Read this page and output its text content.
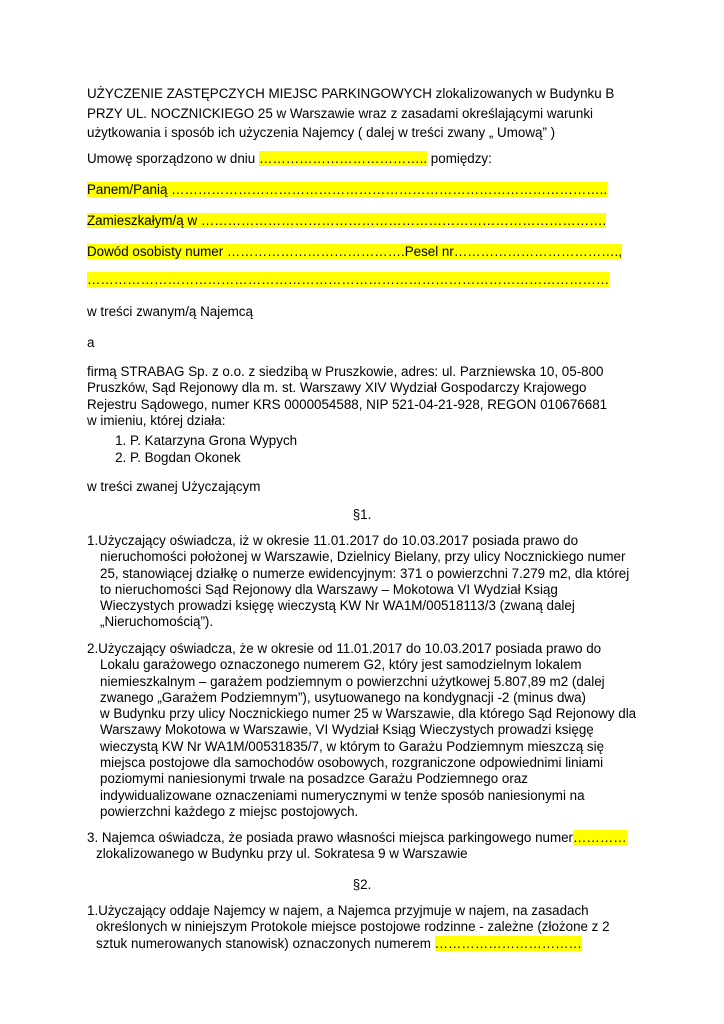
UŻYCZENIE ZASTĘPCZYCH MIEJSC PARKINGOWYCH zlokalizowanych w Budynku B
PRZY UL. NOCZNICKIEGO 25 w Warszawie wraz z zasadami określającymi warunki
użytkowania i sposób ich użyczenia Najemcy ( dalej w treści zwany „ Umową” )
Umowę sporządzono w dniu ……………………………….. pomiędzy:
Panem/Panią ……………………………………………………………………………………..
Zamieszkałym/ą w ……………………………………………………………………………….
Dowód osobisty numer ………………………………….Pesel nr……………………………….,
………………………………………………………………………………………………………
w treści zwanym/ą Najemcą
a
firmą STRABAG Sp. z o.o. z siedzibą w Pruszkowie, adres: ul. Parzniewska 10, 05-800
Pruszków, Sąd Rejonowy dla m. st. Warszawy XIV Wydział Gospodarczy Krajowego
Rejestru Sądowego, numer KRS 0000054588, NIP 521-04-21-928, REGON 010676681
w imieniu, której działa:
1. P. Katarzyna Grona Wypych
2. P. Bogdan Okonek
w treści zwanej Użyczającym
§1.
1.Użyczający oświadcza, iż w okresie 11.01.2017 do 10.03.2017 posiada prawo do
nieruchomości położonej w Warszawie, Dzielnicy Bielany, przy ulicy Nocznickiego numer
25, stanowiącej działkę o numerze ewidencyjnym: 371 o powierzchni 7.279 m2, dla której
to nieruchomości Sąd Rejonowy dla Warszawy – Mokotowa VI Wydział Ksiąg
Wieczystych prowadzi księgę wieczystą KW Nr WA1M/00518113/3 (zwaną dalej
„Nieruchomością”).
2.Użyczający oświadcza, że w okresie od 11.01.2017 do 10.03.2017 posiada prawo do
Lokalu garażowego oznaczonego numerem G2, który jest samodzielnym lokalem
niemieszkalnym – garażem podziemnym o powierzchni użytkowej 5.807,89 m2 (dalej
zwanego „Garażem Podziemnym”), usytuowanego na kondygnacji -2 (minus dwa)
w Budynku przy ulicy Nocznickiego numer 25 w Warszawie, dla którego Sąd Rejonowy dla
Warszawy Mokotowa w Warszawie, VI Wydział Ksiąg Wieczystych prowadzi księgę
wieczystą KW Nr WA1M/00531835/7, w którym to Garażu Podziemnym mieszczą się
miejsca postojowe dla samochodów osobowych, rozgraniczone odpowiednimi liniami
poziomymi naniesionymi trwale na posadzce Garażu Podziemnego oraz
indywidualizowane oznaczeniami numerycznymi w tenże sposób naniesionymi na
powierzchni każdego z miejsc postojowych.
3. Najemca oświadcza, że posiada prawo własności miejsca parkingowego numer…………
zlokalizowanego w Budynku przy ul. Sokratesa 9 w Warszawie
§2.
1.Użyczający oddaje Najemcy w najem, a Najemca przyjmuje w najem, na zasadach
określonych w niniejszym Protokole miejsce postojowe rodzinne - zależne (złożone z 2
sztuk numerowanych stanowisk) oznaczonych numerem ……………………………
